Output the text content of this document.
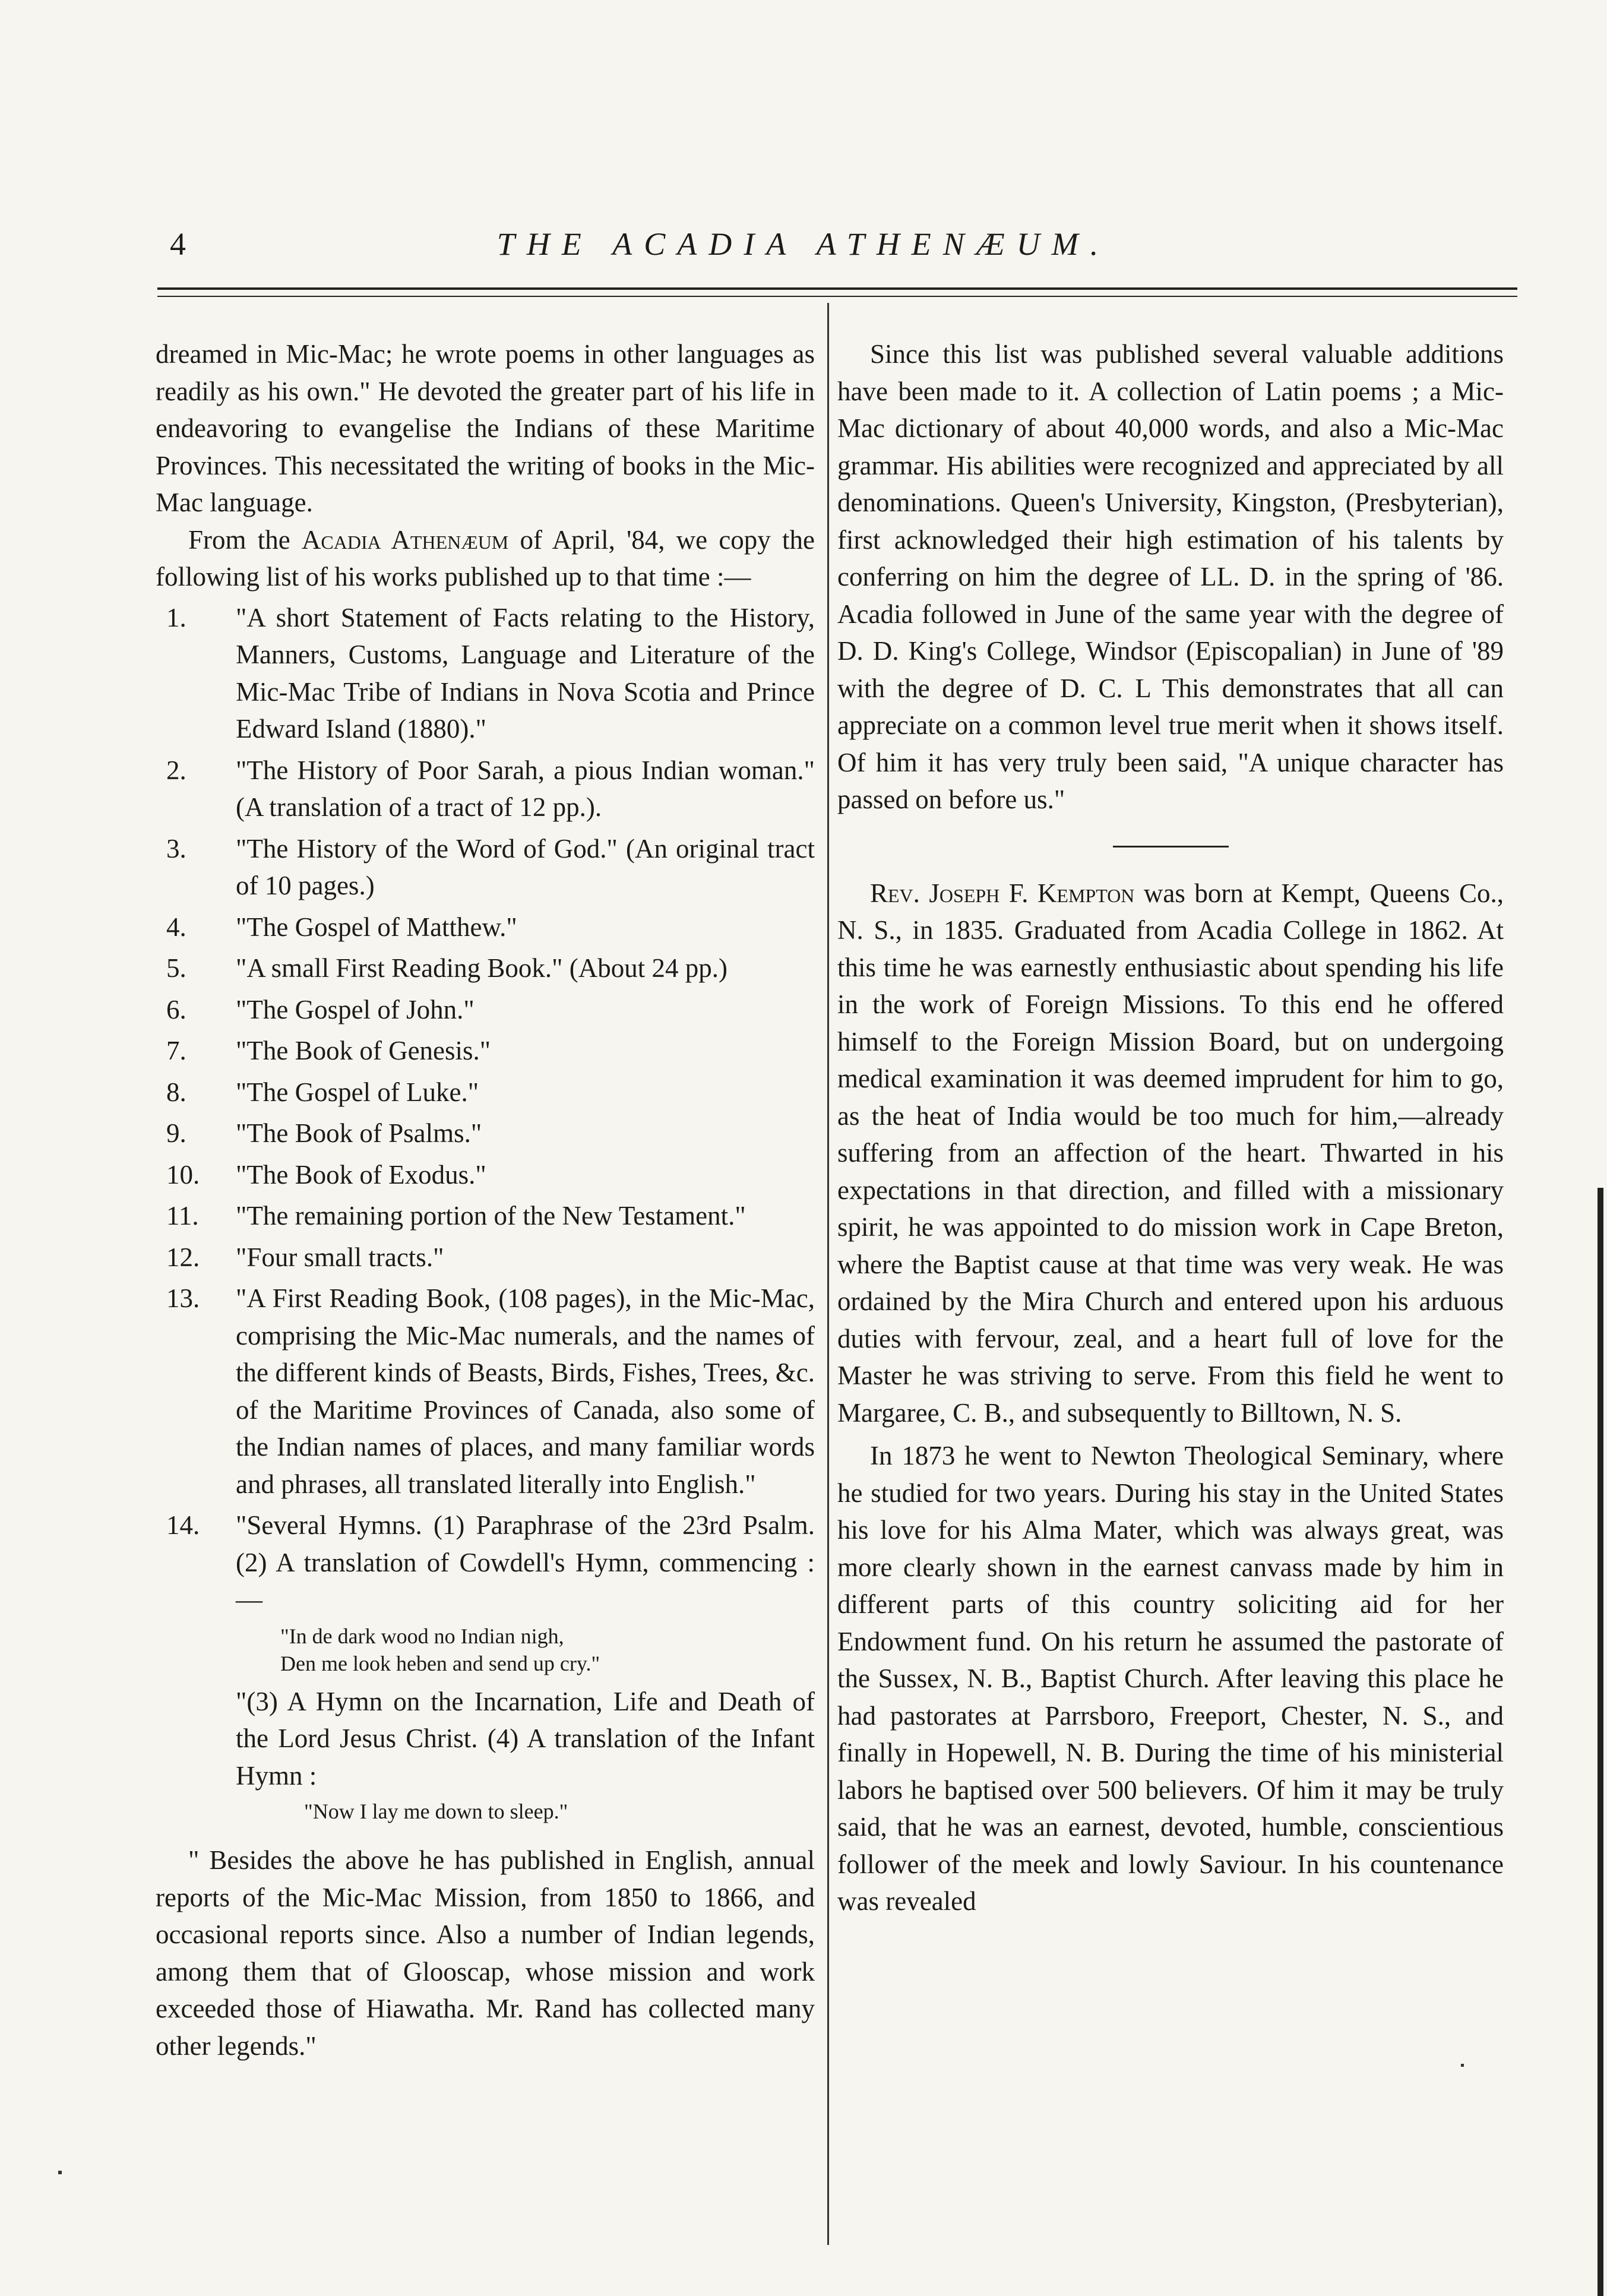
4	THE ACADIA ATHENÆUM.

dreamed in Mic-Mac; he wrote poems in other languages as readily as his own." He devoted the greater part of his life in endeavoring to evangelise the Indians of these Maritime Provinces. This necessitated the writing of books in the Mic-Mac language.

From the Acadia Athenæum of April, '84, we copy the following list of his works published up to that time :—

1.	"A short Statement of Facts relating to the History, Manners, Customs, Language and Literature of the Mic-Mac Tribe of Indians in Nova Scotia and Prince Edward Island (1880)."
2.	"The History of Poor Sarah, a pious Indian woman." (A translation of a tract of 12 pp.).
3.	"The History of the Word of God." (An original tract of 10 pages.)
4.	"The Gospel of Matthew."
5.	"A small First Reading Book." (About 24 pp.)
6.	"The Gospel of John."
7.	"The Book of Genesis."
8.	"The Gospel of Luke."
9.	"The Book of Psalms."
10.	"The Book of Exodus."
11.	"The remaining portion of the New Testament."
12.	"Four small tracts."
13.	"A First Reading Book, (108 pages), in the Mic-Mac, comprising the Mic-Mac numerals, and the names of the different kinds of Beasts, Birds, Fishes, Trees, &c. of the Maritime Provinces of Canada, also some of the Indian names of places, and many familiar words and phrases, all translated literally into English."
14.	"Several Hymns. (1) Paraphrase of the 23rd Psalm. (2) A translation of Cowdell's Hymn, commencing :—
"In de dark wood no Indian nigh,
Den me look heben and send up cry."

"(3) A Hymn on the Incarnation, Life and Death of the Lord Jesus Christ. (4) A translation of the Infant Hymn :

"Now I lay me down to sleep."

" Besides the above he has published in English, annual reports of the Mic-Mac Mission, from 1850 to 1866, and occasional reports since. Also a number of Indian legends, among them that of Glooscap, whose mission and work exceeded those of Hiawatha. Mr. Rand has collected many other legends."

Since this list was published several valuable additions have been made to it. A collection of Latin poems ; a Mic-Mac dictionary of about 40,000 words, and also a Mic-Mac grammar. His abilities were recognized and appreciated by all denominations. Queen's University, Kingston, (Presbyterian), first acknowledged their high estimation of his talents by conferring on him the degree of LL. D. in the spring of '86. Acadia followed in June of the same year with the degree of D. D. King's College, Windsor (Episcopalian) in June of '89 with the degree of D. C. L This demonstrates that all can appreciate on a common level true merit when it shows itself. Of him it has very truly been said, "A unique character has passed on before us."

Rev. Joseph F. Kempton was born at Kempt, Queens Co., N. S., in 1835. Graduated from Acadia College in 1862. At this time he was earnestly enthusiastic about spending his life in the work of Foreign Missions. To this end he offered himself to the Foreign Mission Board, but on undergoing medical examination it was deemed imprudent for him to go, as the heat of India would be too much for him,—already suffering from an affection of the heart. Thwarted in his expectations in that direction, and filled with a missionary spirit, he was appointed to do mission work in Cape Breton, where the Baptist cause at that time was very weak. He was ordained by the Mira Church and entered upon his arduous duties with fervour, zeal, and a heart full of love for the Master he was striving to serve. From this field he went to Margaree, C. B., and subsequently to Billtown, N. S.

In 1873 he went to Newton Theological Seminary, where he studied for two years. During his stay in the United States his love for his Alma Mater, which was always great, was more clearly shown in the earnest canvass made by him in different parts of this country soliciting aid for her Endowment fund. On his return he assumed the pastorate of the Sussex, N. B., Baptist Church. After leaving this place he had pastorates at Parrsboro, Freeport, Chester, N. S., and finally in Hopewell, N. B. During the time of his ministerial labors he baptised over 500 believers. Of him it may be truly said, that he was an earnest, devoted, humble, conscientious follower of the meek and lowly Saviour. In his countenance was revealed
